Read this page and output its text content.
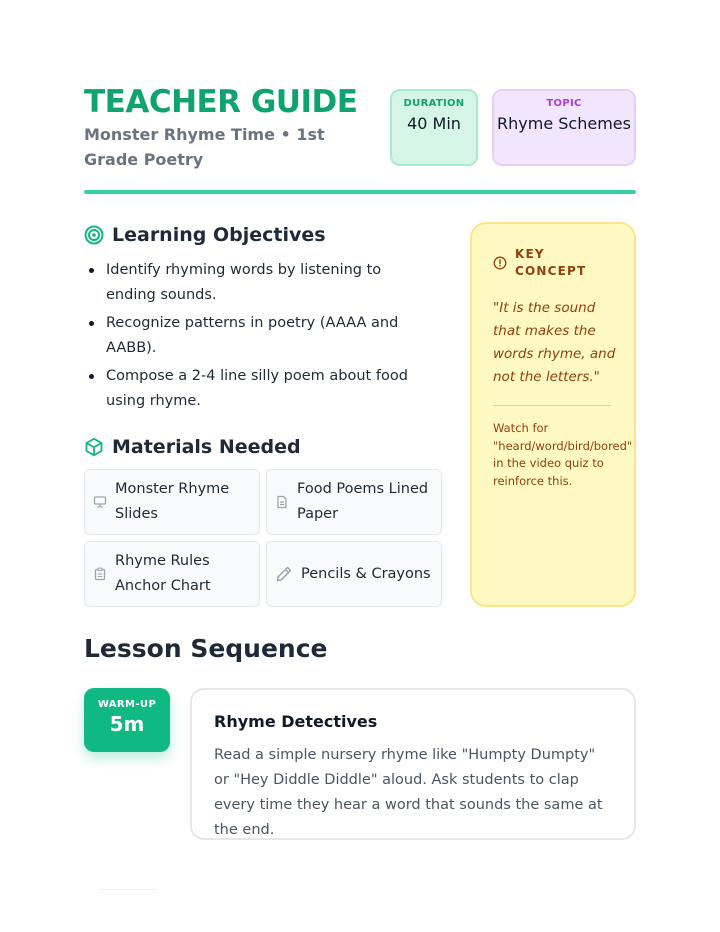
TEACHER GUIDE
Monster Rhyme Time • 1st Grade Poetry
DURATION
40 Min
TOPIC
Rhyme Schemes
Learning Objectives
Identify rhyming words by listening to ending sounds.
Recognize patterns in poetry (AAAA and AABB).
Compose a 2-4 line silly poem about food using rhyme.
Materials Needed
Monster Rhyme Slides
Food Poems Lined Paper
Rhyme Rules Anchor Chart
Pencils & Crayons
KEY CONCEPT
"It is the sound that makes the words rhyme, and not the letters."
Watch for "heard/word/bird/bored" in the video quiz to reinforce this.
Lesson Sequence
WARM-UP
5m	Rhyme Detectives
Read a simple nursery rhyme like "Humpty Dumpty" or "Hey Diddle Diddle" aloud. Ask students to clap every time they hear a word that sounds the same at the end.
